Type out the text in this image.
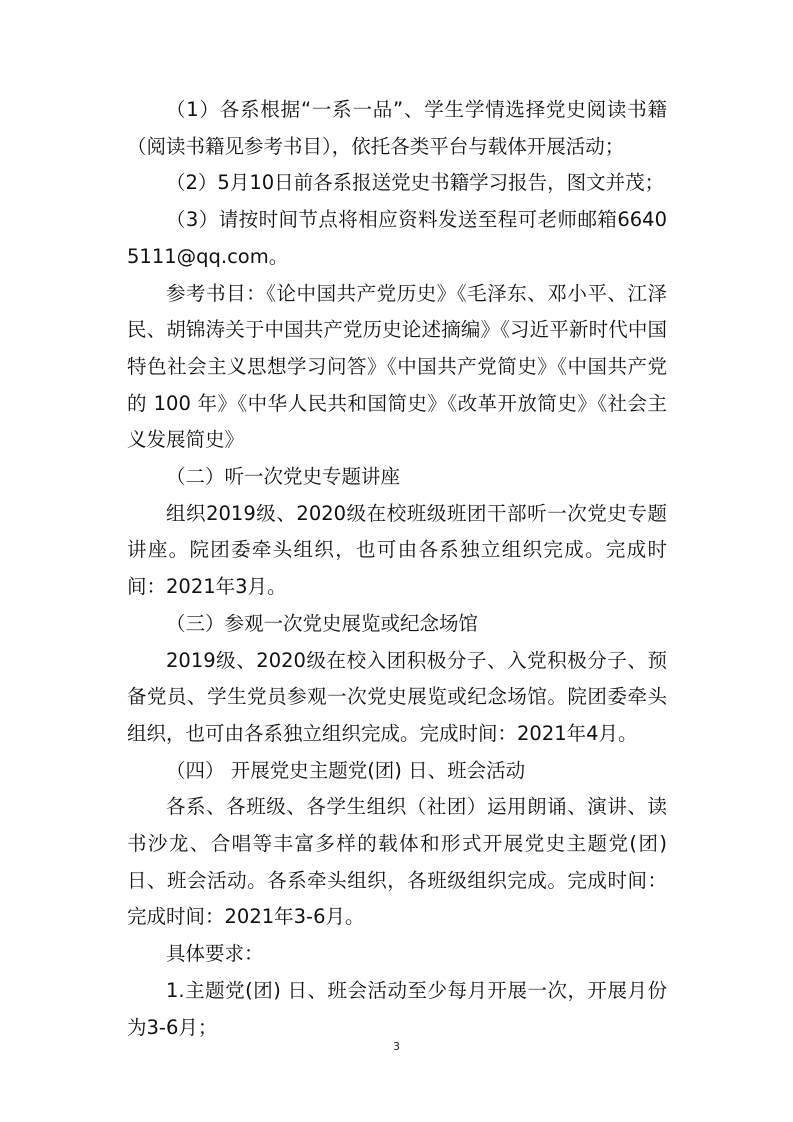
（1）各系根据“一系一品”、学生学情选择党史阅读书籍（阅读书籍见参考书目），依托各类平台与载体开展活动；

（2）5月10日前各系报送党史书籍学习报告，图文并茂；

（3）请按时间节点将相应资料发送至程可老师邮箱66405111@qq.com。

参考书目：《论中国共产党历史》《毛泽东、邓小平、江泽民、胡锦涛关于中国共产党历史论述摘编》《习近平新时代中国特色社会主义思想学习问答》《中国共产党简史》《中国共产党的 100 年》《中华人民共和国简史》《改革开放简史》《社会主义发展简史》

（二）听一次党史专题讲座

组织2019级、2020级在校班级班团干部听一次党史专题讲座。院团委牵头组织，也可由各系独立组织完成。完成时间：2021年3月。

（三）参观一次党史展览或纪念场馆

2019级、2020级在校入团积极分子、入党积极分子、预备党员、学生党员参观一次党史展览或纪念场馆。院团委牵头组织，也可由各系独立组织完成。完成时间：2021年4月。

（四） 开展党史主题党(团) 日、班会活动

各系、各班级、各学生组织（社团）运用朗诵、演讲、读书沙龙、合唱等丰富多样的载体和形式开展党史主题党(团)日、班会活动。各系牵头组织，各班级组织完成。完成时间：完成时间：2021年3-6月。

具体要求：

1.主题党(团) 日、班会活动至少每月开展一次，开展月份为3-6月；

3
